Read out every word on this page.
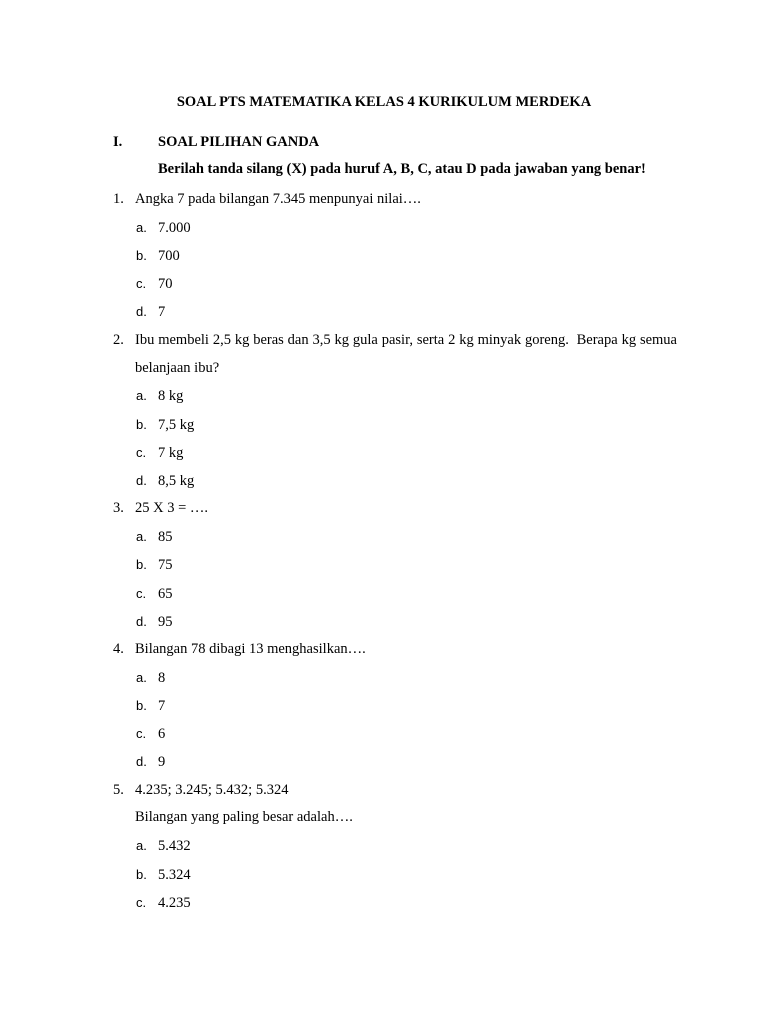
SOAL PTS MATEMATIKA KELAS 4 KURIKULUM MERDEKA
I. SOAL PILIHAN GANDA
Berilah tanda silang (X) pada huruf A, B, C, atau D pada jawaban yang benar!
1. Angka 7 pada bilangan 7.345 menpunyai nilai….
a. 7.000
b. 700
c. 70
d. 7
2. Ibu membeli 2,5 kg beras dan 3,5 kg gula pasir, serta 2 kg minyak goreng.  Berapa kg semua belanjaan ibu?
a. 8 kg
b. 7,5 kg
c. 7 kg
d. 8,5 kg
3. 25 X 3 = ….
a. 85
b. 75
c. 65
d. 95
4. Bilangan 78 dibagi 13 menghasilkan….
a. 8
b. 7
c. 6
d. 9
5. 4.235; 3.245; 5.432; 5.324
Bilangan yang paling besar adalah….
a. 5.432
b. 5.324
c. 4.235
